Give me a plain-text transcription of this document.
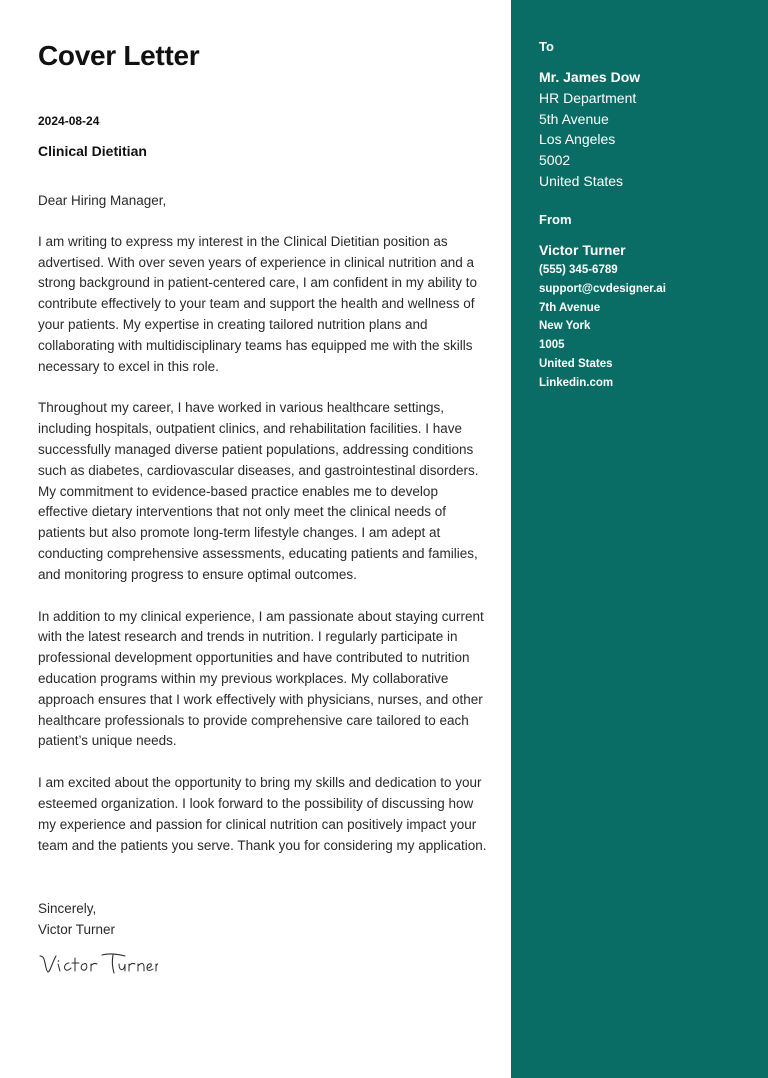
Cover Letter
2024-08-24
Clinical Dietitian

Dear Hiring Manager,

I am writing to express my interest in the Clinical Dietitian position as advertised. With over seven years of experience in clinical nutrition and a strong background in patient-centered care, I am confident in my ability to contribute effectively to your team and support the health and wellness of your patients. My expertise in creating tailored nutrition plans and collaborating with multidisciplinary teams has equipped me with the skills necessary to excel in this role.

Throughout my career, I have worked in various healthcare settings, including hospitals, outpatient clinics, and rehabilitation facilities. I have successfully managed diverse patient populations, addressing conditions such as diabetes, cardiovascular diseases, and gastrointestinal disorders. My commitment to evidence-based practice enables me to develop effective dietary interventions that not only meet the clinical needs of patients but also promote long-term lifestyle changes. I am adept at conducting comprehensive assessments, educating patients and families, and monitoring progress to ensure optimal outcomes.

In addition to my clinical experience, I am passionate about staying current with the latest research and trends in nutrition. I regularly participate in professional development opportunities and have contributed to nutrition education programs within my previous workplaces. My collaborative approach ensures that I work effectively with physicians, nurses, and other healthcare professionals to provide comprehensive care tailored to each patient’s unique needs.

I am excited about the opportunity to bring my skills and dedication to your esteemed organization. I look forward to the possibility of discussing how my experience and passion for clinical nutrition can positively impact your team and the patients you serve. Thank you for considering my application.

Sincerely,
Victor Turner
To
Mr. James Dow
HR Department
5th Avenue
Los Angeles
5002
United States
From
Victor Turner
(555) 345-6789
support@cvdesigner.ai
7th Avenue
New York
1005
United States
Linkedin.com
